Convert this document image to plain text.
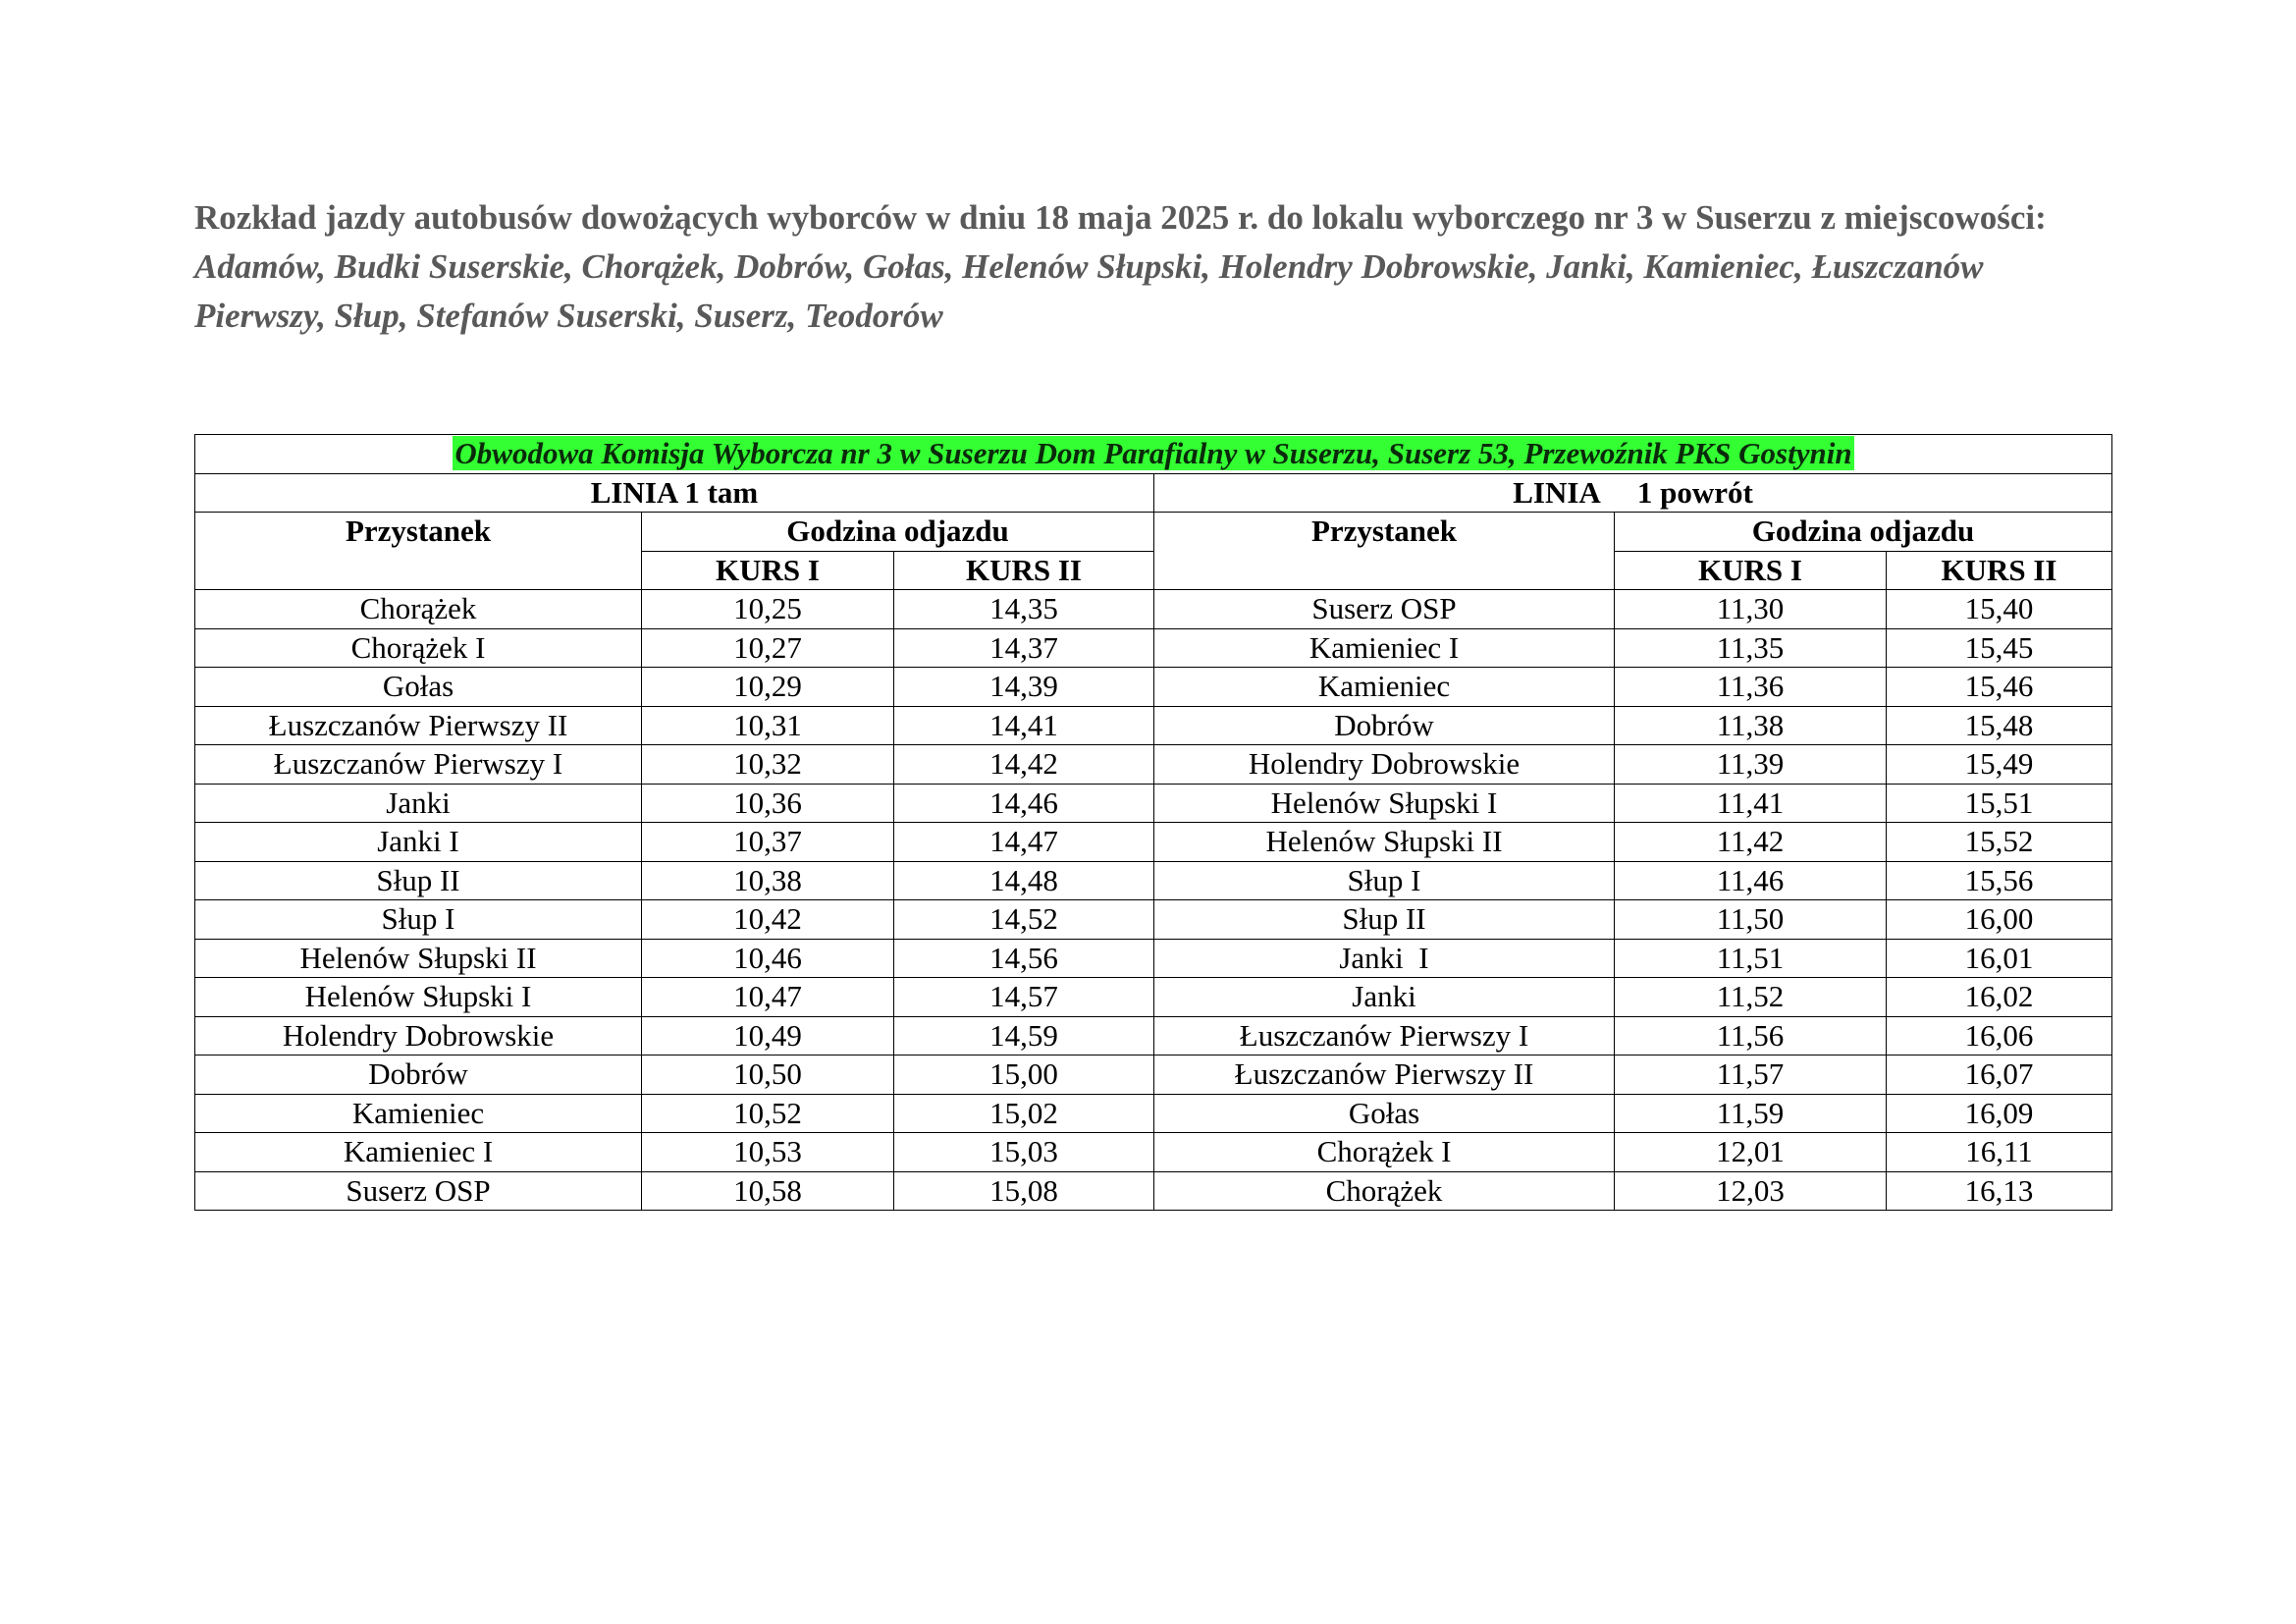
Rozkład jazdy autobusów dowożących wyborców w dniu 18 maja 2025 r. do lokalu wyborczego nr 3 w Suserzu z miejscowości: Adamów, Budki Suserskie, Chorążek, Dobrów, Gołas, Helenów Słupski, Holendry Dobrowskie, Janki, Kamieniec, Łuszczanów Pierwszy, Słup, Stefanów Suserski, Suserz, Teodorów
Obwodowa Komisja Wyborcza nr 3 w Suserzu Dom Parafialny w Suserzu, Suserz 53, Przewoźnik PKS Gostynin					
LINIA 1 tam			LINIA     1 powrót		
Przystanek	Godzina odjazdu		Przystanek	Godzina odjazdu	
	KURS I	KURS II		KURS I	KURS II
Chorążek	10,25	14,35	Suserz OSP	11,30	15,40
Chorążek I	10,27	14,37	Kamieniec I	11,35	15,45
Gołas	10,29	14,39	Kamieniec	11,36	15,46
Łuszczanów Pierwszy II	10,31	14,41	Dobrów	11,38	15,48
Łuszczanów Pierwszy I	10,32	14,42	Holendry Dobrowskie	11,39	15,49
Janki	10,36	14,46	Helenów Słupski I	11,41	15,51
Janki I	10,37	14,47	Helenów Słupski II	11,42	15,52
Słup II	10,38	14,48	Słup I	11,46	15,56
Słup I	10,42	14,52	Słup II	11,50	16,00
Helenów Słupski II	10,46	14,56	Janki  I	11,51	16,01
Helenów Słupski I	10,47	14,57	Janki	11,52	16,02
Holendry Dobrowskie	10,49	14,59	Łuszczanów Pierwszy I	11,56	16,06
Dobrów	10,50	15,00	Łuszczanów Pierwszy II	11,57	16,07
Kamieniec	10,52	15,02	Gołas	11,59	16,09
Kamieniec I	10,53	15,03	Chorążek I	12,01	16,11
Suserz OSP	10,58	15,08	Chorążek	12,03	16,13
